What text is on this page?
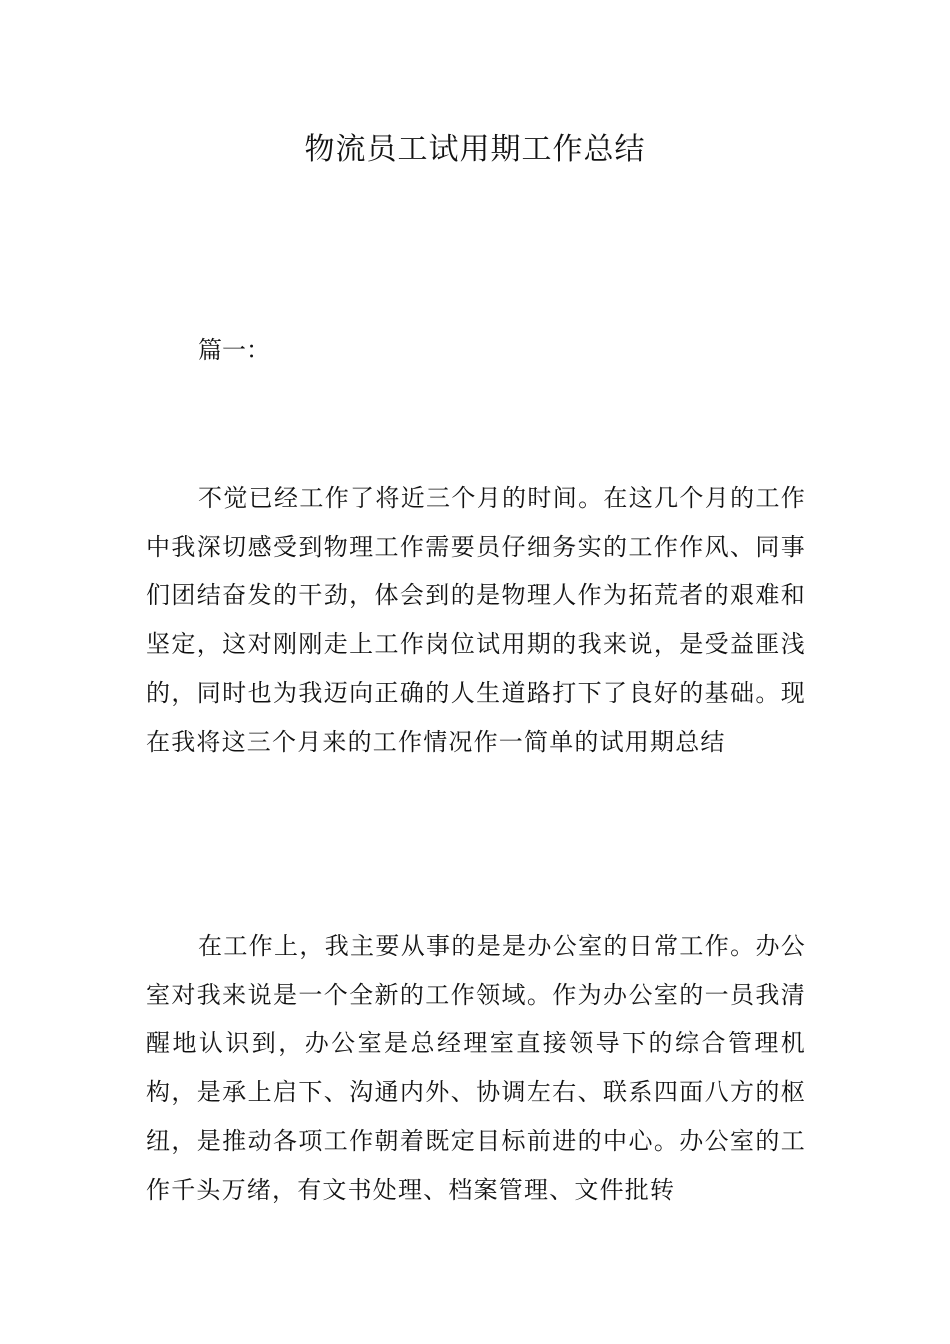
物流员工试用期工作总结

篇一：

不觉已经工作了将近三个月的时间。在这几个月的工作中我深切感受到物理工作需要员仔细务实的工作作风、同事们团结奋发的干劲，体会到的是物理人作为拓荒者的艰难和坚定，这对刚刚走上工作岗位试用期的我来说，是受益匪浅的，同时也为我迈向正确的人生道路打下了良好的基础。现在我将这三个月来的工作情况作一简单的试用期总结

在工作上，我主要从事的是是办公室的日常工作。办公室对我来说是一个全新的工作领域。作为办公室的一员我清醒地认识到，办公室是总经理室直接领导下的综合管理机构，是承上启下、沟通内外、协调左右、联系四面八方的枢纽，是推动各项工作朝着既定目标前进的中心。办公室的工作千头万绪，有文书处理、档案管理、文件批转
